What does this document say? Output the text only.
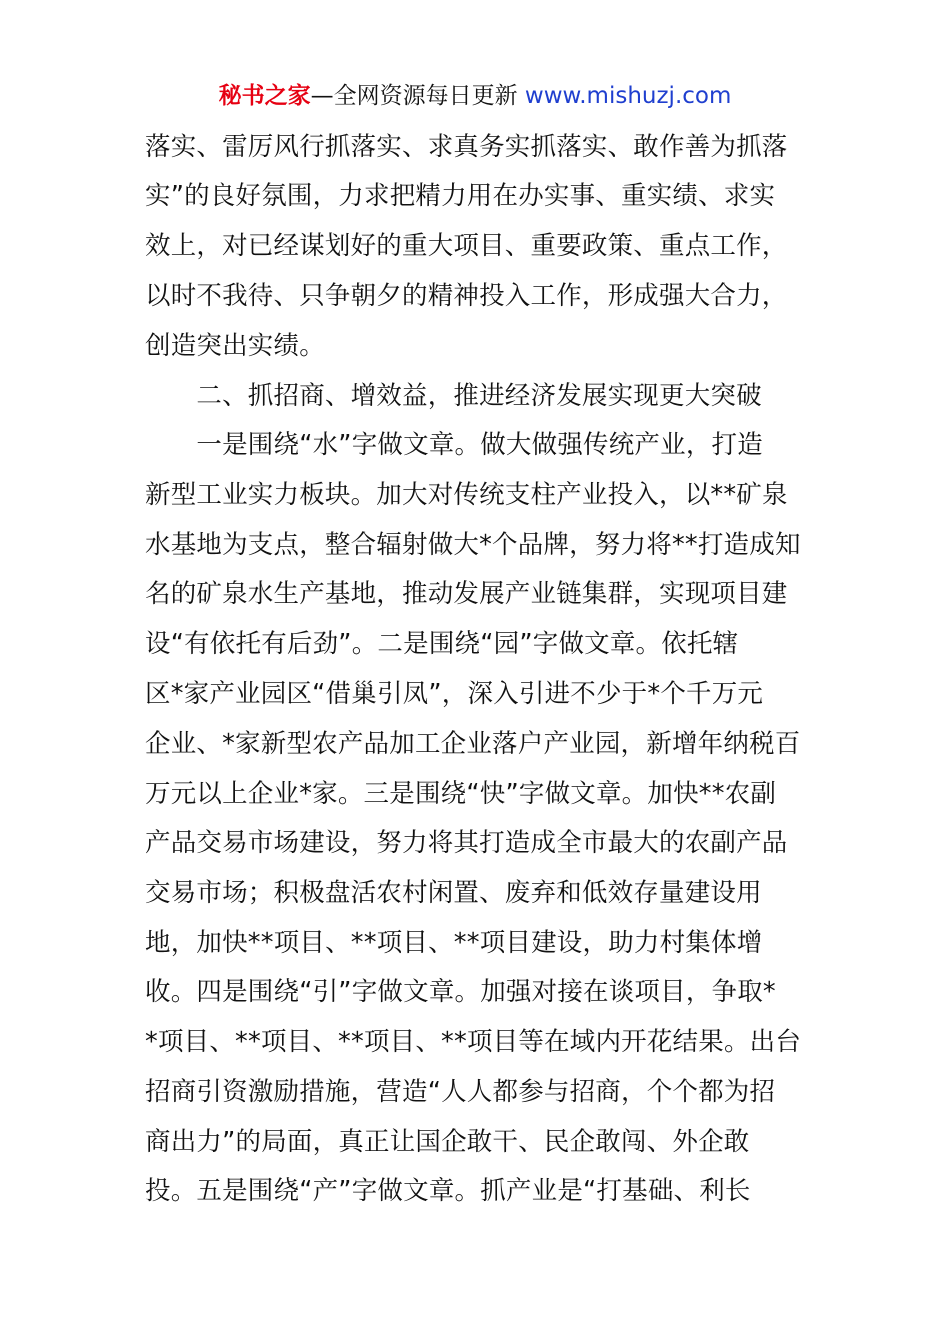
秘书之家—全网资源每日更新 www.mishuzj.com
落实、雷厉风行抓落实、求真务实抓落实、敢作善为抓落
实”的良好氛围，力求把精力用在办实事、重实绩、求实
效上，对已经谋划好的重大项目、重要政策、重点工作，
以时不我待、只争朝夕的精神投入工作，形成强大合力，
创造突出实绩。
　　二、抓招商、增效益，推进经济发展实现更大突破
　　一是围绕“水”字做文章。做大做强传统产业，打造
新型工业实力板块。加大对传统支柱产业投入，以**矿泉
水基地为支点，整合辐射做大*个品牌，努力将**打造成知
名的矿泉水生产基地，推动发展产业链集群，实现项目建
设“有依托有后劲”。二是围绕“园”字做文章。依托辖
区*家产业园区“借巢引凤”，深入引进不少于*个千万元
企业、*家新型农产品加工企业落户产业园，新增年纳税百
万元以上企业*家。三是围绕“快”字做文章。加快**农副
产品交易市场建设，努力将其打造成全市最大的农副产品
交易市场；积极盘活农村闲置、废弃和低效存量建设用
地，加快**项目、**项目、**项目建设，助力村集体增
收。四是围绕“引”字做文章。加强对接在谈项目，争取*
*项目、**项目、**项目、**项目等在域内开花结果。出台
招商引资激励措施，营造“人人都参与招商，个个都为招
商出力”的局面，真正让国企敢干、民企敢闯、外企敢
投。五是围绕“产”字做文章。抓产业是“打基础、利长
